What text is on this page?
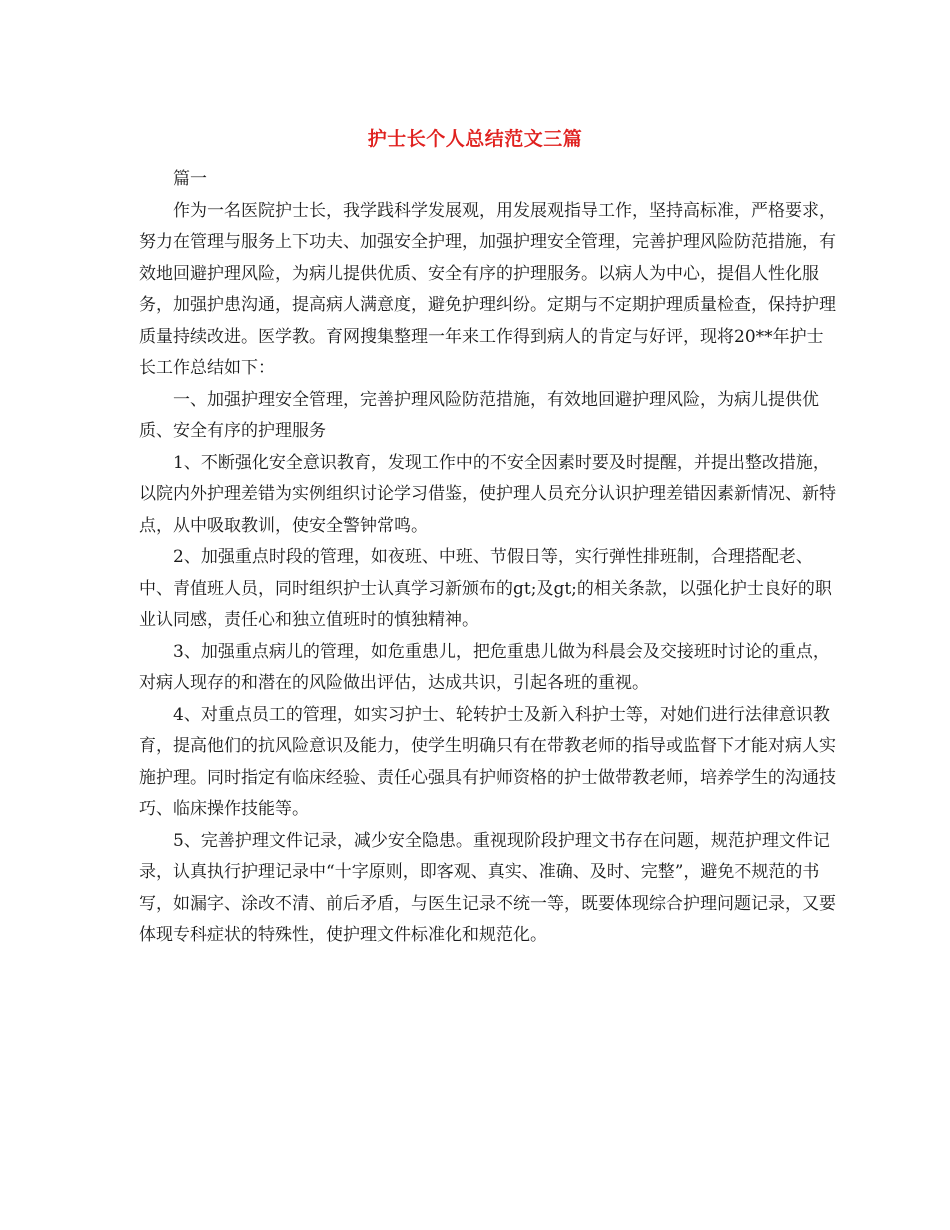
护士长个人总结范文三篇

篇一

作为一名医院护士长，我学践科学发展观，用发展观指导工作，坚持高标准，严格要求，努力在管理与服务上下功夫、加强安全护理，加强护理安全管理，完善护理风险防范措施，有效地回避护理风险，为病儿提供优质、安全有序的护理服务。以病人为中心，提倡人性化服务，加强护患沟通，提高病人满意度，避免护理纠纷。定期与不定期护理质量检查，保持护理质量持续改进。医学教。育网搜集整理一年来工作得到病人的肯定与好评，现将20**年护士长工作总结如下：

一、加强护理安全管理，完善护理风险防范措施，有效地回避护理风险，为病儿提供优质、安全有序的护理服务

1、不断强化安全意识教育，发现工作中的不安全因素时要及时提醒，并提出整改措施，以院内外护理差错为实例组织讨论学习借鉴，使护理人员充分认识护理差错因素新情况、新特点，从中吸取教训，使安全警钟常鸣。

2、加强重点时段的管理，如夜班、中班、节假日等，实行弹性排班制，合理搭配老、中、青值班人员，同时组织护士认真学习新颁布的gt;及gt;的相关条款，以强化护士良好的职业认同感，责任心和独立值班时的慎独精神。

3、加强重点病儿的管理，如危重患儿，把危重患儿做为科晨会及交接班时讨论的重点，对病人现存的和潜在的风险做出评估，达成共识，引起各班的重视。

4、对重点员工的管理，如实习护士、轮转护士及新入科护士等，对她们进行法律意识教育，提高他们的抗风险意识及能力，使学生明确只有在带教老师的指导或监督下才能对病人实施护理。同时指定有临床经验、责任心强具有护师资格的护士做带教老师，培养学生的沟通技巧、临床操作技能等。

5、完善护理文件记录，减少安全隐患。重视现阶段护理文书存在问题，规范护理文件记录，认真执行护理记录中“十字原则，即客观、真实、准确、及时、完整”，避免不规范的书写，如漏字、涂改不清、前后矛盾，与医生记录不统一等，既要体现综合护理问题记录，又要体现专科症状的特殊性，使护理文件标准化和规范化。
